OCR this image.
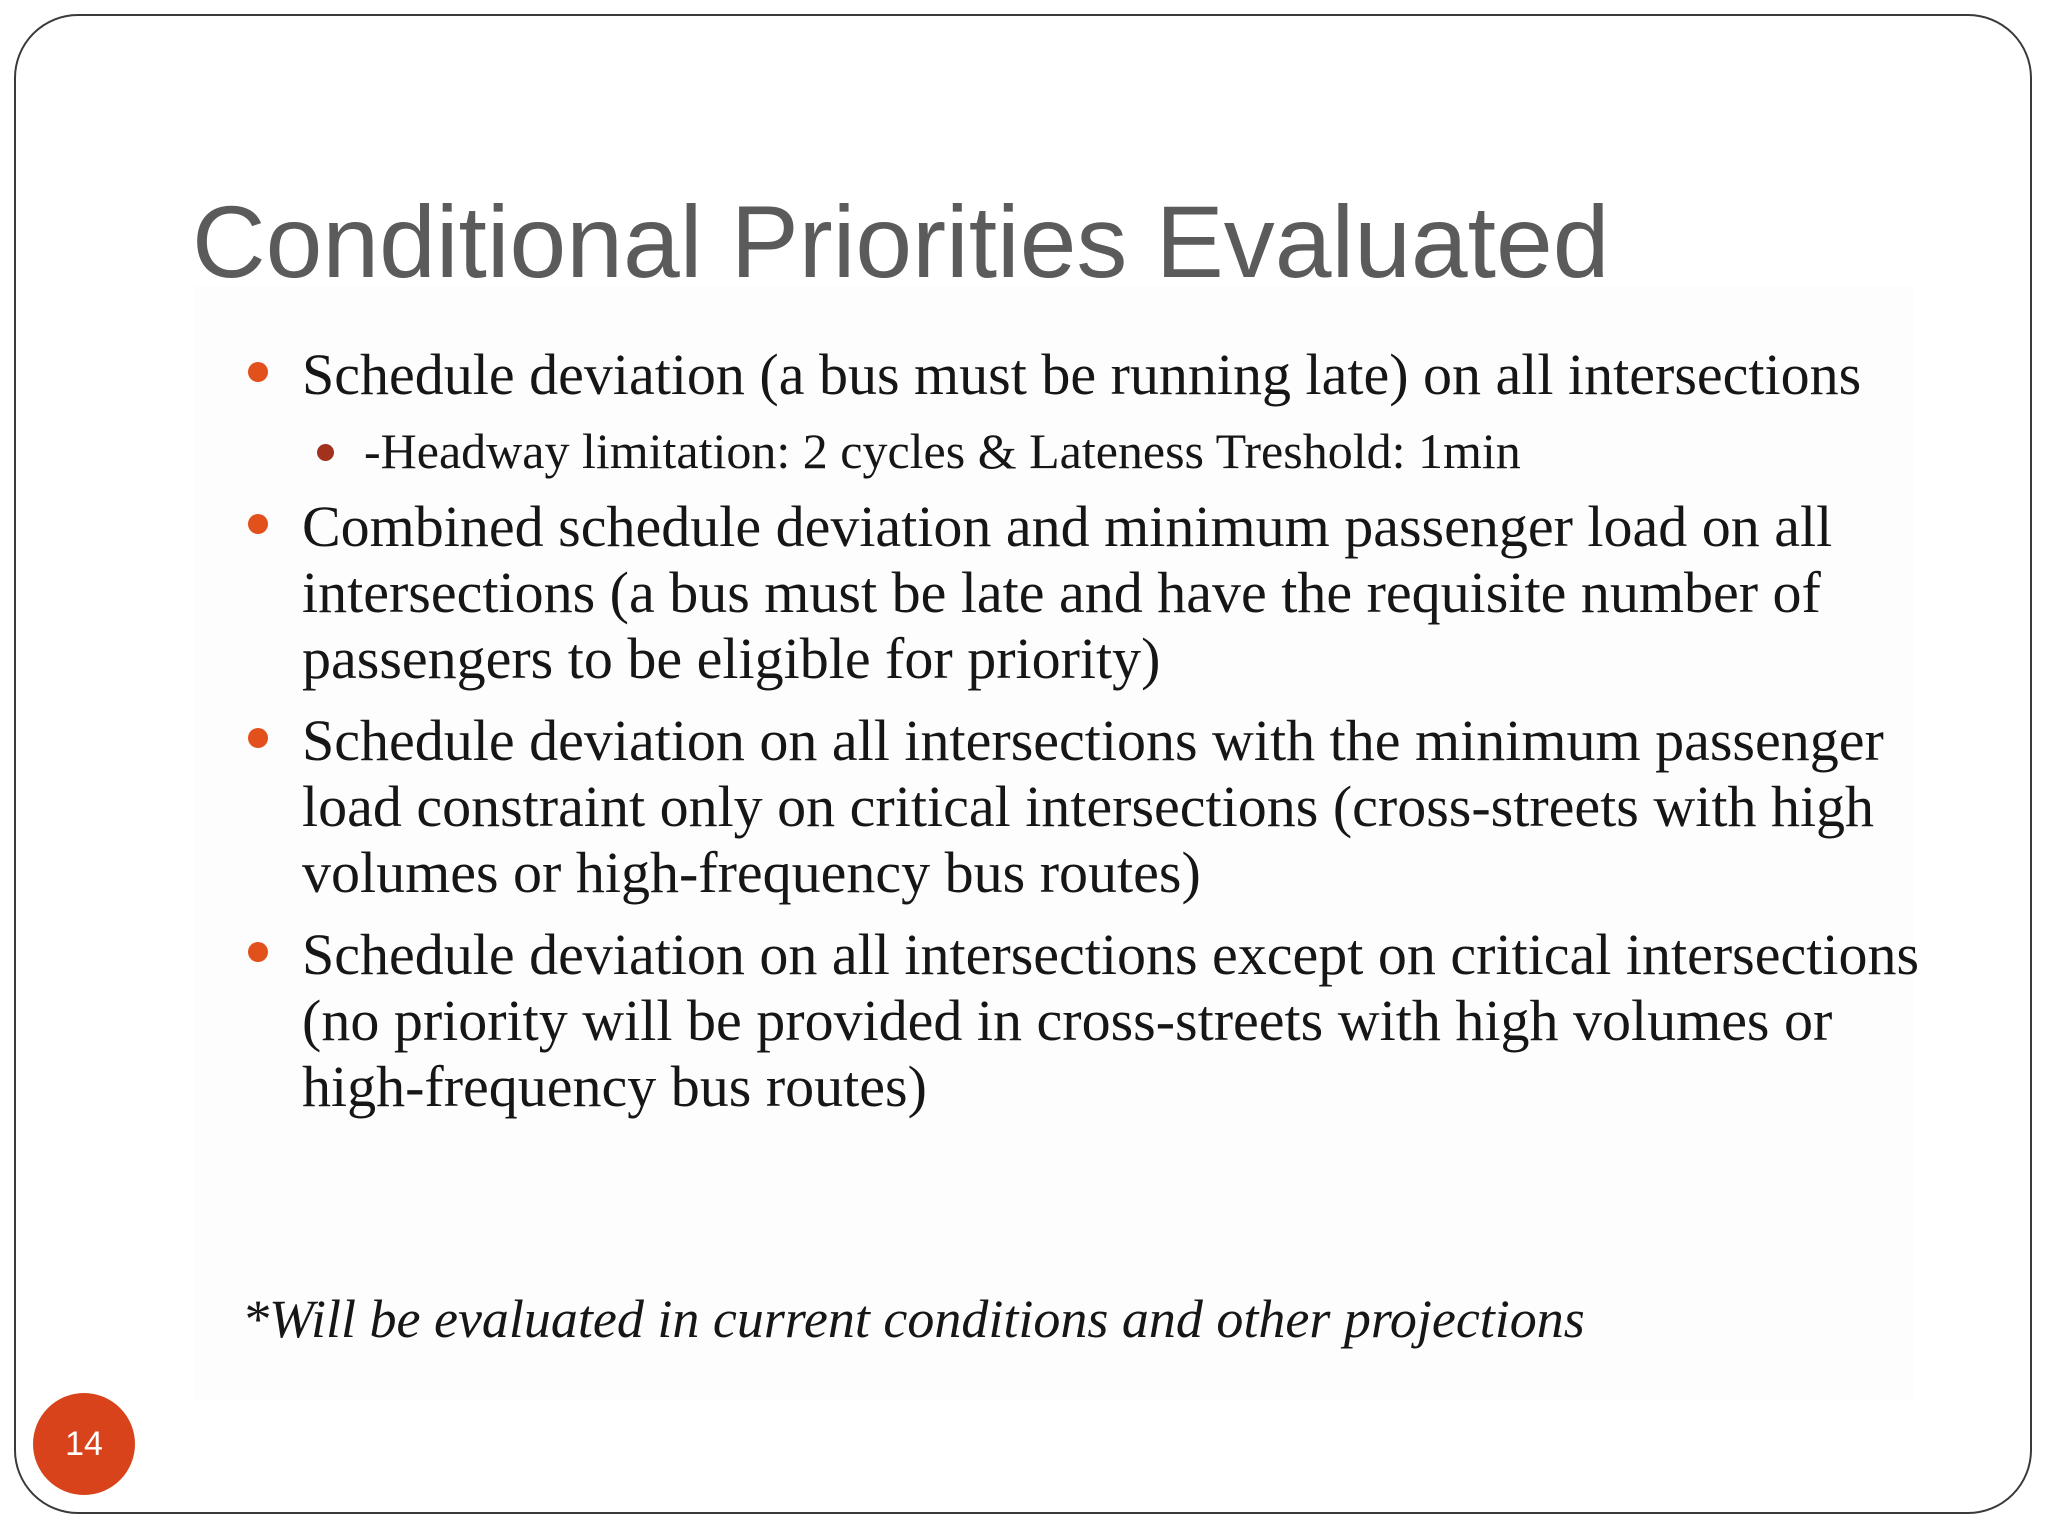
Conditional Priorities Evaluated
Schedule deviation (a bus must be running late) on all intersections
-Headway limitation: 2 cycles & Lateness Treshold: 1min
Combined schedule deviation and minimum passenger load on all intersections (a bus must be late and have the requisite number of passengers to be eligible for priority)
Schedule deviation on all intersections with the minimum passenger load constraint only on critical intersections (cross-streets with high volumes or high-frequency bus routes)
Schedule deviation on all intersections except on critical intersections (no priority will be provided in cross-streets with high volumes or high-frequency bus routes)
*Will be evaluated in current conditions and other projections
14
